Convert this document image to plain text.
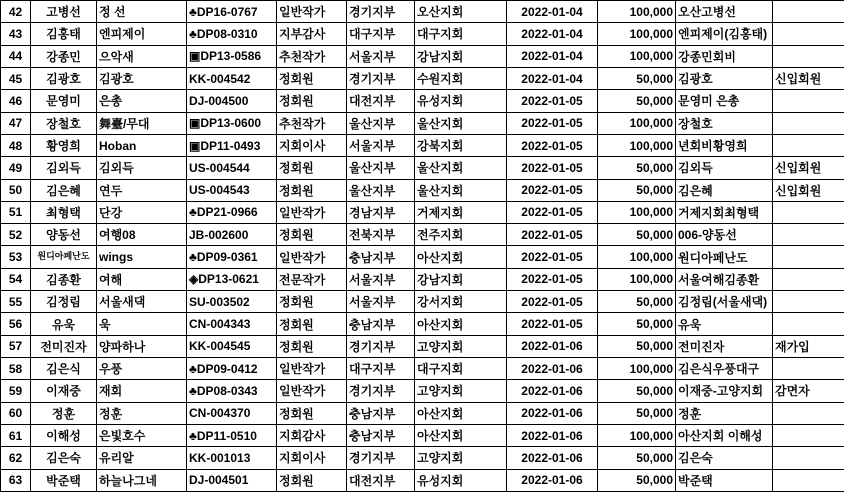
42	고병선	정 선	♣DP16-0767	일반작가	경기지부	오산지회	2022-01-04	100,000	오산고병선	
43	김홍태	엔피제이	♣DP08-0310	지부감사	대구지부	대구지회	2022-01-04	100,000	엔피제이(김홍태)	
44	강종민	으악새	▣DP13-0586	추천작가	서울지부	강남지회	2022-01-04	100,000	강종민회비	
45	김광호	김광호	KK-004542	정회원	경기지부	수원지회	2022-01-04	50,000	김광호	신입회원
46	문영미	은총	DJ-004500	정회원	대전지부	유성지회	2022-01-05	50,000	문영미 은총	
47	장철호	舞臺/무대	▣DP13-0600	추천작가	울산지부	울산지회	2022-01-05	100,000	장철호	
48	황영희	Hoban	▣DP11-0493	지회이사	서울지부	강북지회	2022-01-05	100,000	년회비황영희	
49	김외득	김외득	US-004544	정회원	울산지부	울산지회	2022-01-05	50,000	김외득	신입회원
50	김은혜	연두	US-004543	정회원	울산지부	울산지회	2022-01-05	50,000	김은혜	신입회원
51	최형택	단강	♣DP21-0966	일반작가	경남지부	거제지회	2022-01-05	100,000	거제지회최형택	
52	양동선	여행08	JB-002600	정회원	전북지부	전주지회	2022-01-05	50,000	006-양동선	
53	원디아페난도	wings	♣DP09-0361	일반작가	충남지부	아산지회	2022-01-05	100,000	원디아페난도	
54	김종환	여해	◈DP13-0621	전문작가	서울지부	강남지회	2022-01-05	100,000	서울여해김종환	
55	김정림	서울새댁	SU-003502	정회원	서울지부	강서지회	2022-01-05	50,000	김정림(서울새댁)	
56	유욱	욱	CN-004343	정회원	충남지부	아산지회	2022-01-05	50,000	유욱	
57	전미진자	양파하나	KK-004545	정회원	경기지부	고양지회	2022-01-06	50,000	전미진자	재가입
58	김은식	우풍	♣DP09-0412	일반작가	대구지부	대구지회	2022-01-06	100,000	김은식우풍대구	
59	이재중	재회	♣DP08-0343	일반작가	경기지부	고양지회	2022-01-06	50,000	이재중-고양지회	감면자
60	정훈	정훈	CN-004370	정회원	충남지부	아산지회	2022-01-06	50,000	정훈	
61	이해성	은빛호수	♣DP11-0510	지회감사	충남지부	아산지회	2022-01-06	100,000	아산지회 이해성	
62	김은숙	유리알	KK-001013	지회이사	경기지부	고양지회	2022-01-06	50,000	김은숙	
63	박준택	하늘나그네	DJ-004501	정회원	대전지부	유성지회	2022-01-06	50,000	박준택	
